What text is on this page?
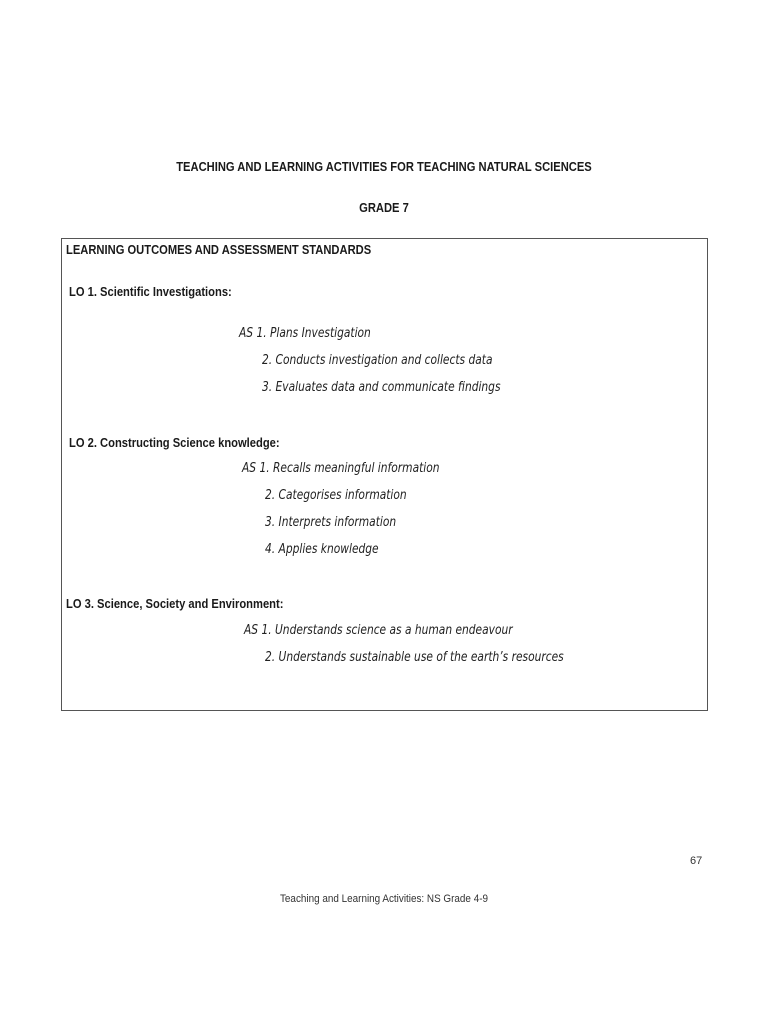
TEACHING AND LEARNING ACTIVITIES FOR TEACHING NATURAL SCIENCES
GRADE 7
LEARNING OUTCOMES AND ASSESSMENT STANDARDS
LO 1. Scientific Investigations:
AS 1. Plans Investigation
2. Conducts investigation and collects data
3. Evaluates data and communicate findings
LO 2. Constructing Science knowledge:
AS 1. Recalls meaningful information
2. Categorises information
3. Interprets information
4. Applies knowledge
LO 3. Science, Society and Environment:
AS 1. Understands science as a human endeavour
2. Understands sustainable use of the earth’s resources
67
Teaching and Learning Activities: NS Grade 4-9
